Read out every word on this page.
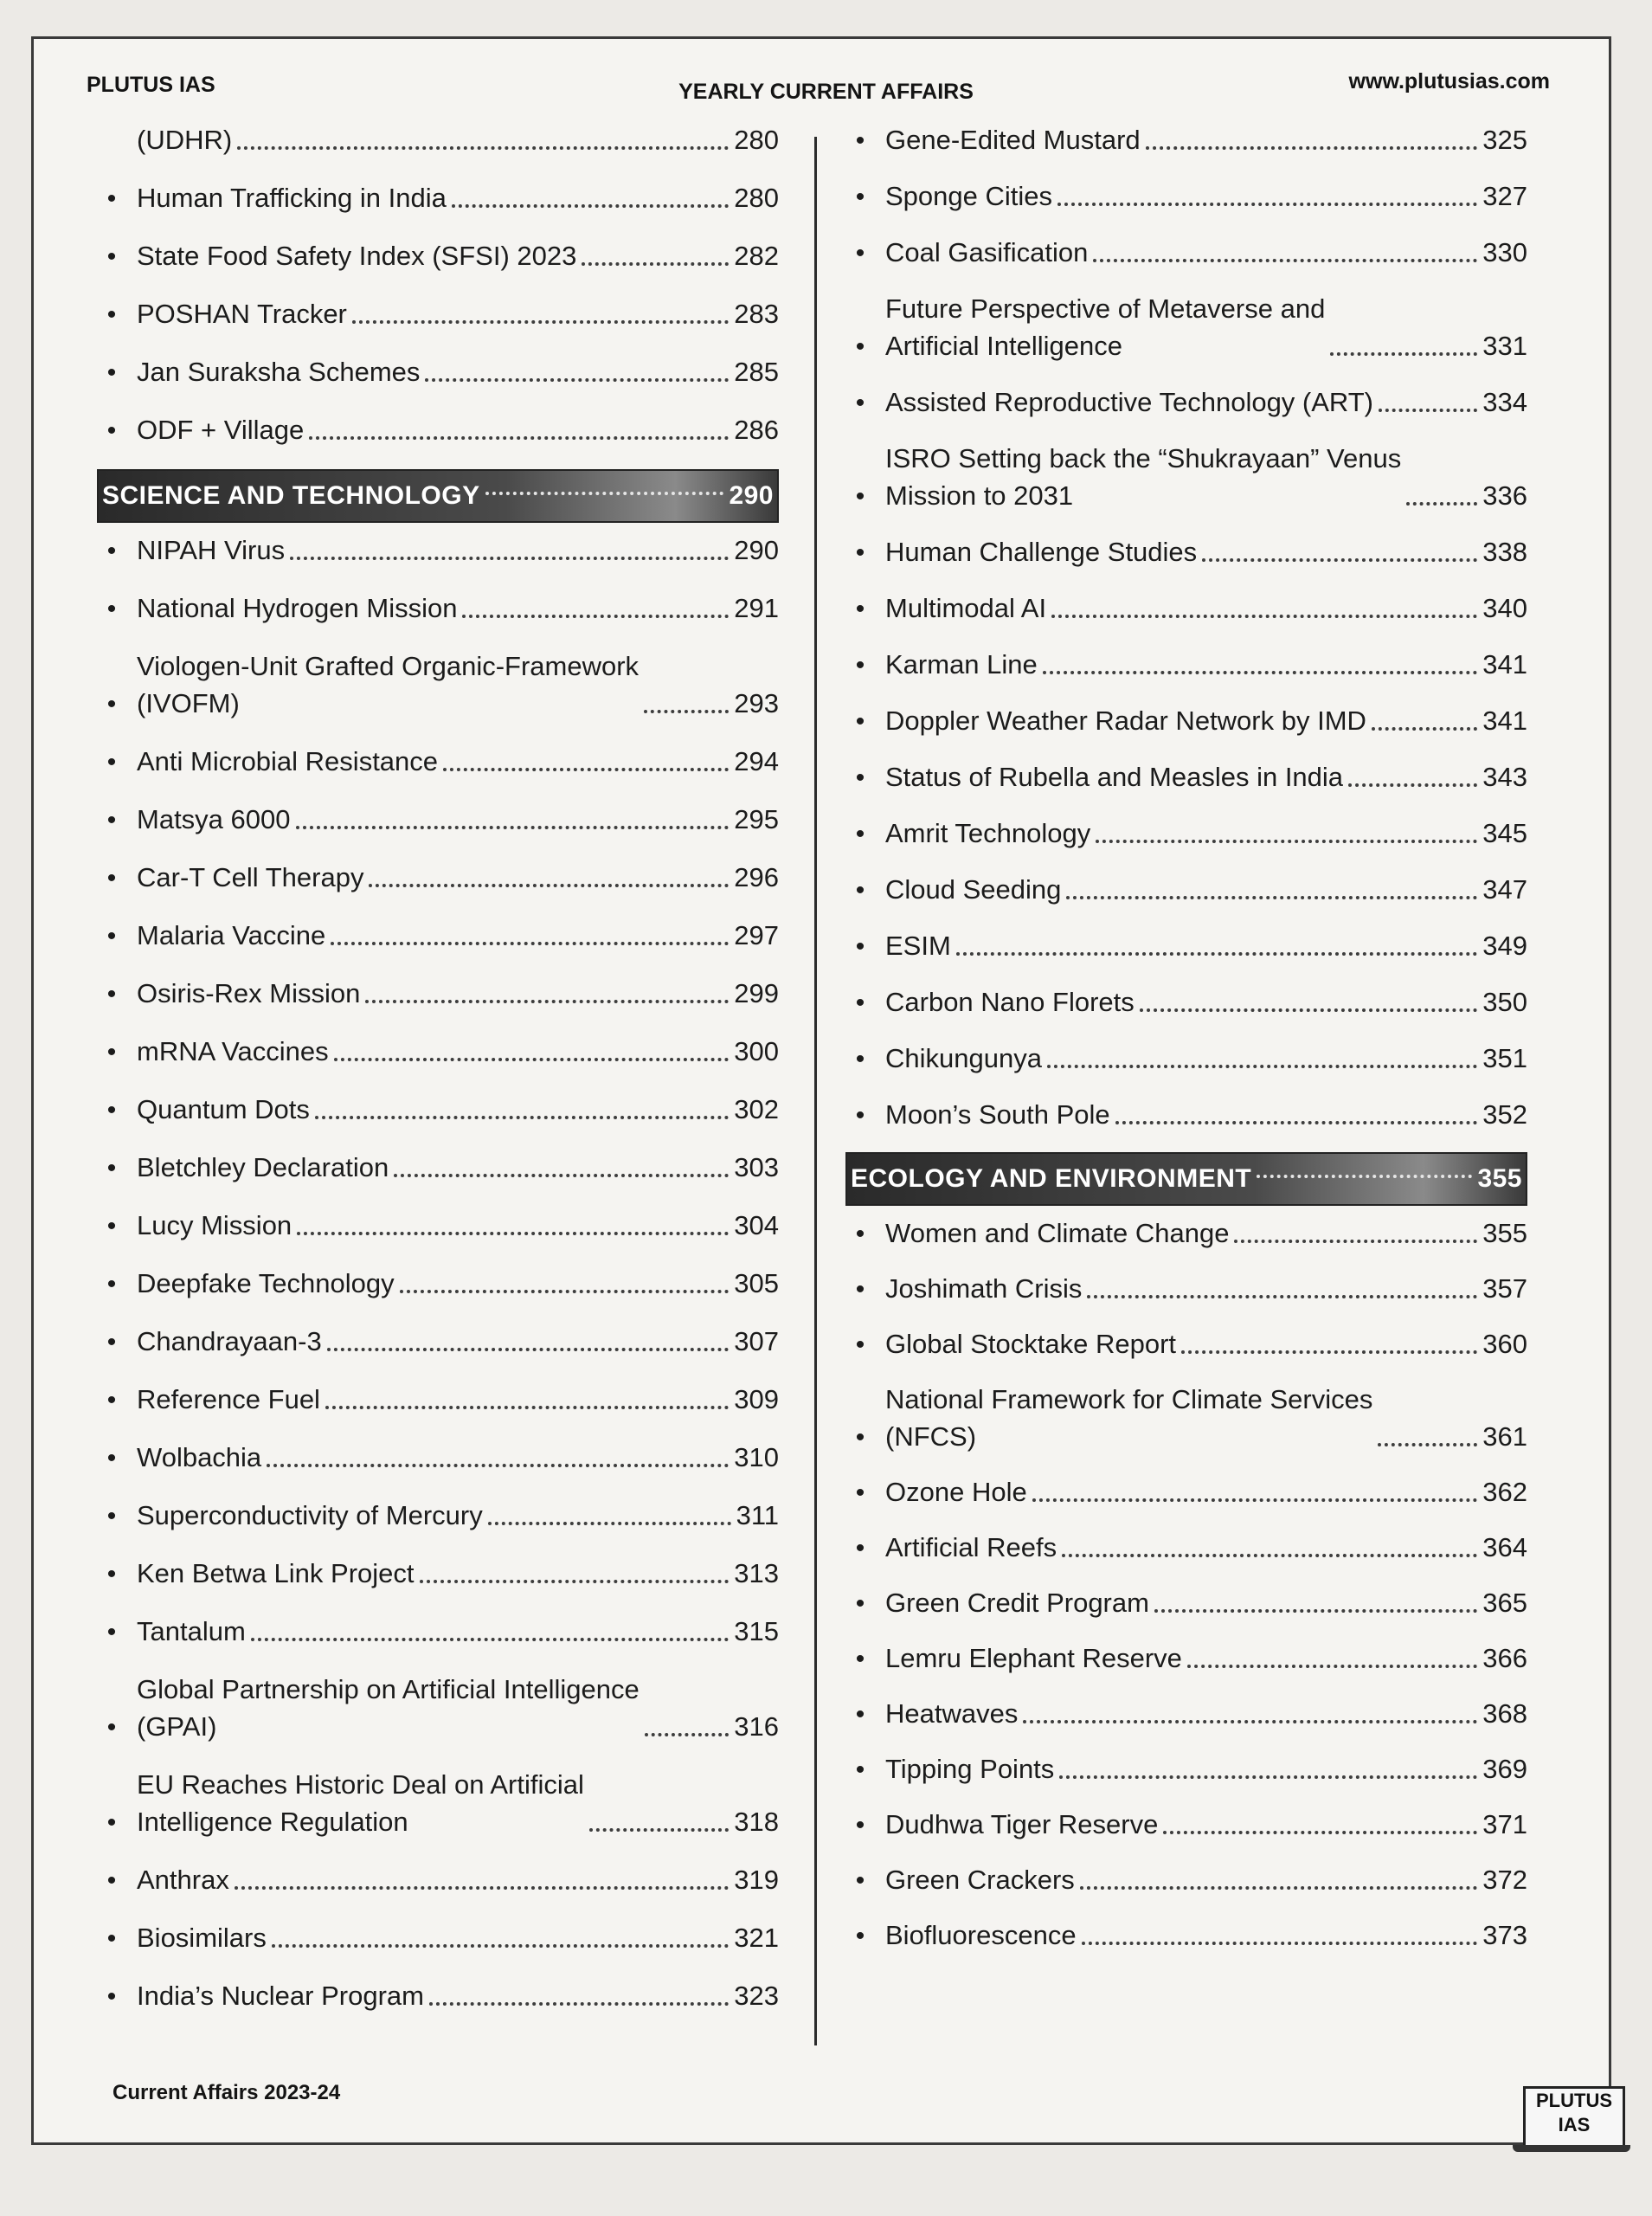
PLUTUS IAS	YEARLY CURRENT AFFAIRS	www.plutusias.com
(UDHR)	280
• Human Trafficking in India	280
• State Food Safety Index (SFSI) 2023	282
• POSHAN Tracker	283
• Jan Suraksha Schemes	285
• ODF + Village	286
SCIENCE AND TECHNOLOGY	290
• NIPAH Virus	290
• National Hydrogen Mission	291
•
Viologen-Unit Grafted Organic-Framework
(IVOFM)	293
• Anti Microbial Resistance	294
• Matsya 6000	295
• Car-T Cell Therapy	296
• Malaria Vaccine	297
• Osiris-Rex Mission	299
• mRNA Vaccines	300
• Quantum Dots	302
• Bletchley Declaration	303
• Lucy Mission	304
• Deepfake Technology	305
• Chandrayaan-3	307
• Reference Fuel	309
• Wolbachia	310
• Superconductivity of Mercury	311
• Ken Betwa Link Project	313
• Tantalum	315
•
Global Partnership on Artificial Intelligence
(GPAI)	316
•
EU Reaches Historic Deal on Artificial
Intelligence Regulation	318
• Anthrax	319
• Biosimilars	321
• India’s Nuclear Program	323
• Gene-Edited Mustard	325
• Sponge Cities	327
• Coal Gasification	330
•
Future Perspective of Metaverse and
Artificial Intelligence	331
• Assisted Reproductive Technology (ART)	334
•
ISRO Setting back the “Shukrayaan” Venus
Mission to 2031	336
• Human Challenge Studies	338
• Multimodal AI	340
• Karman Line	341
• Doppler Weather Radar Network by IMD	341
• Status of Rubella and Measles in India	343
• Amrit Technology	345
• Cloud Seeding	347
• ESIM	349
• Carbon Nano Florets	350
• Chikungunya	351
• Moon’s South Pole	352
ECOLOGY AND ENVIRONMENT	355
• Women and Climate Change	355
• Joshimath Crisis	357
• Global Stocktake Report	360
•
National Framework for Climate Services
(NFCS)	361
• Ozone Hole	362
• Artificial Reefs	364
• Green Credit Program	365
• Lemru Elephant Reserve	366
• Heatwaves	368
• Tipping Points	369
• Dudhwa Tiger Reserve	371
• Green Crackers	372
• Biofluorescence	373
Current Affairs 2023-24	PLUTUS
IAS
